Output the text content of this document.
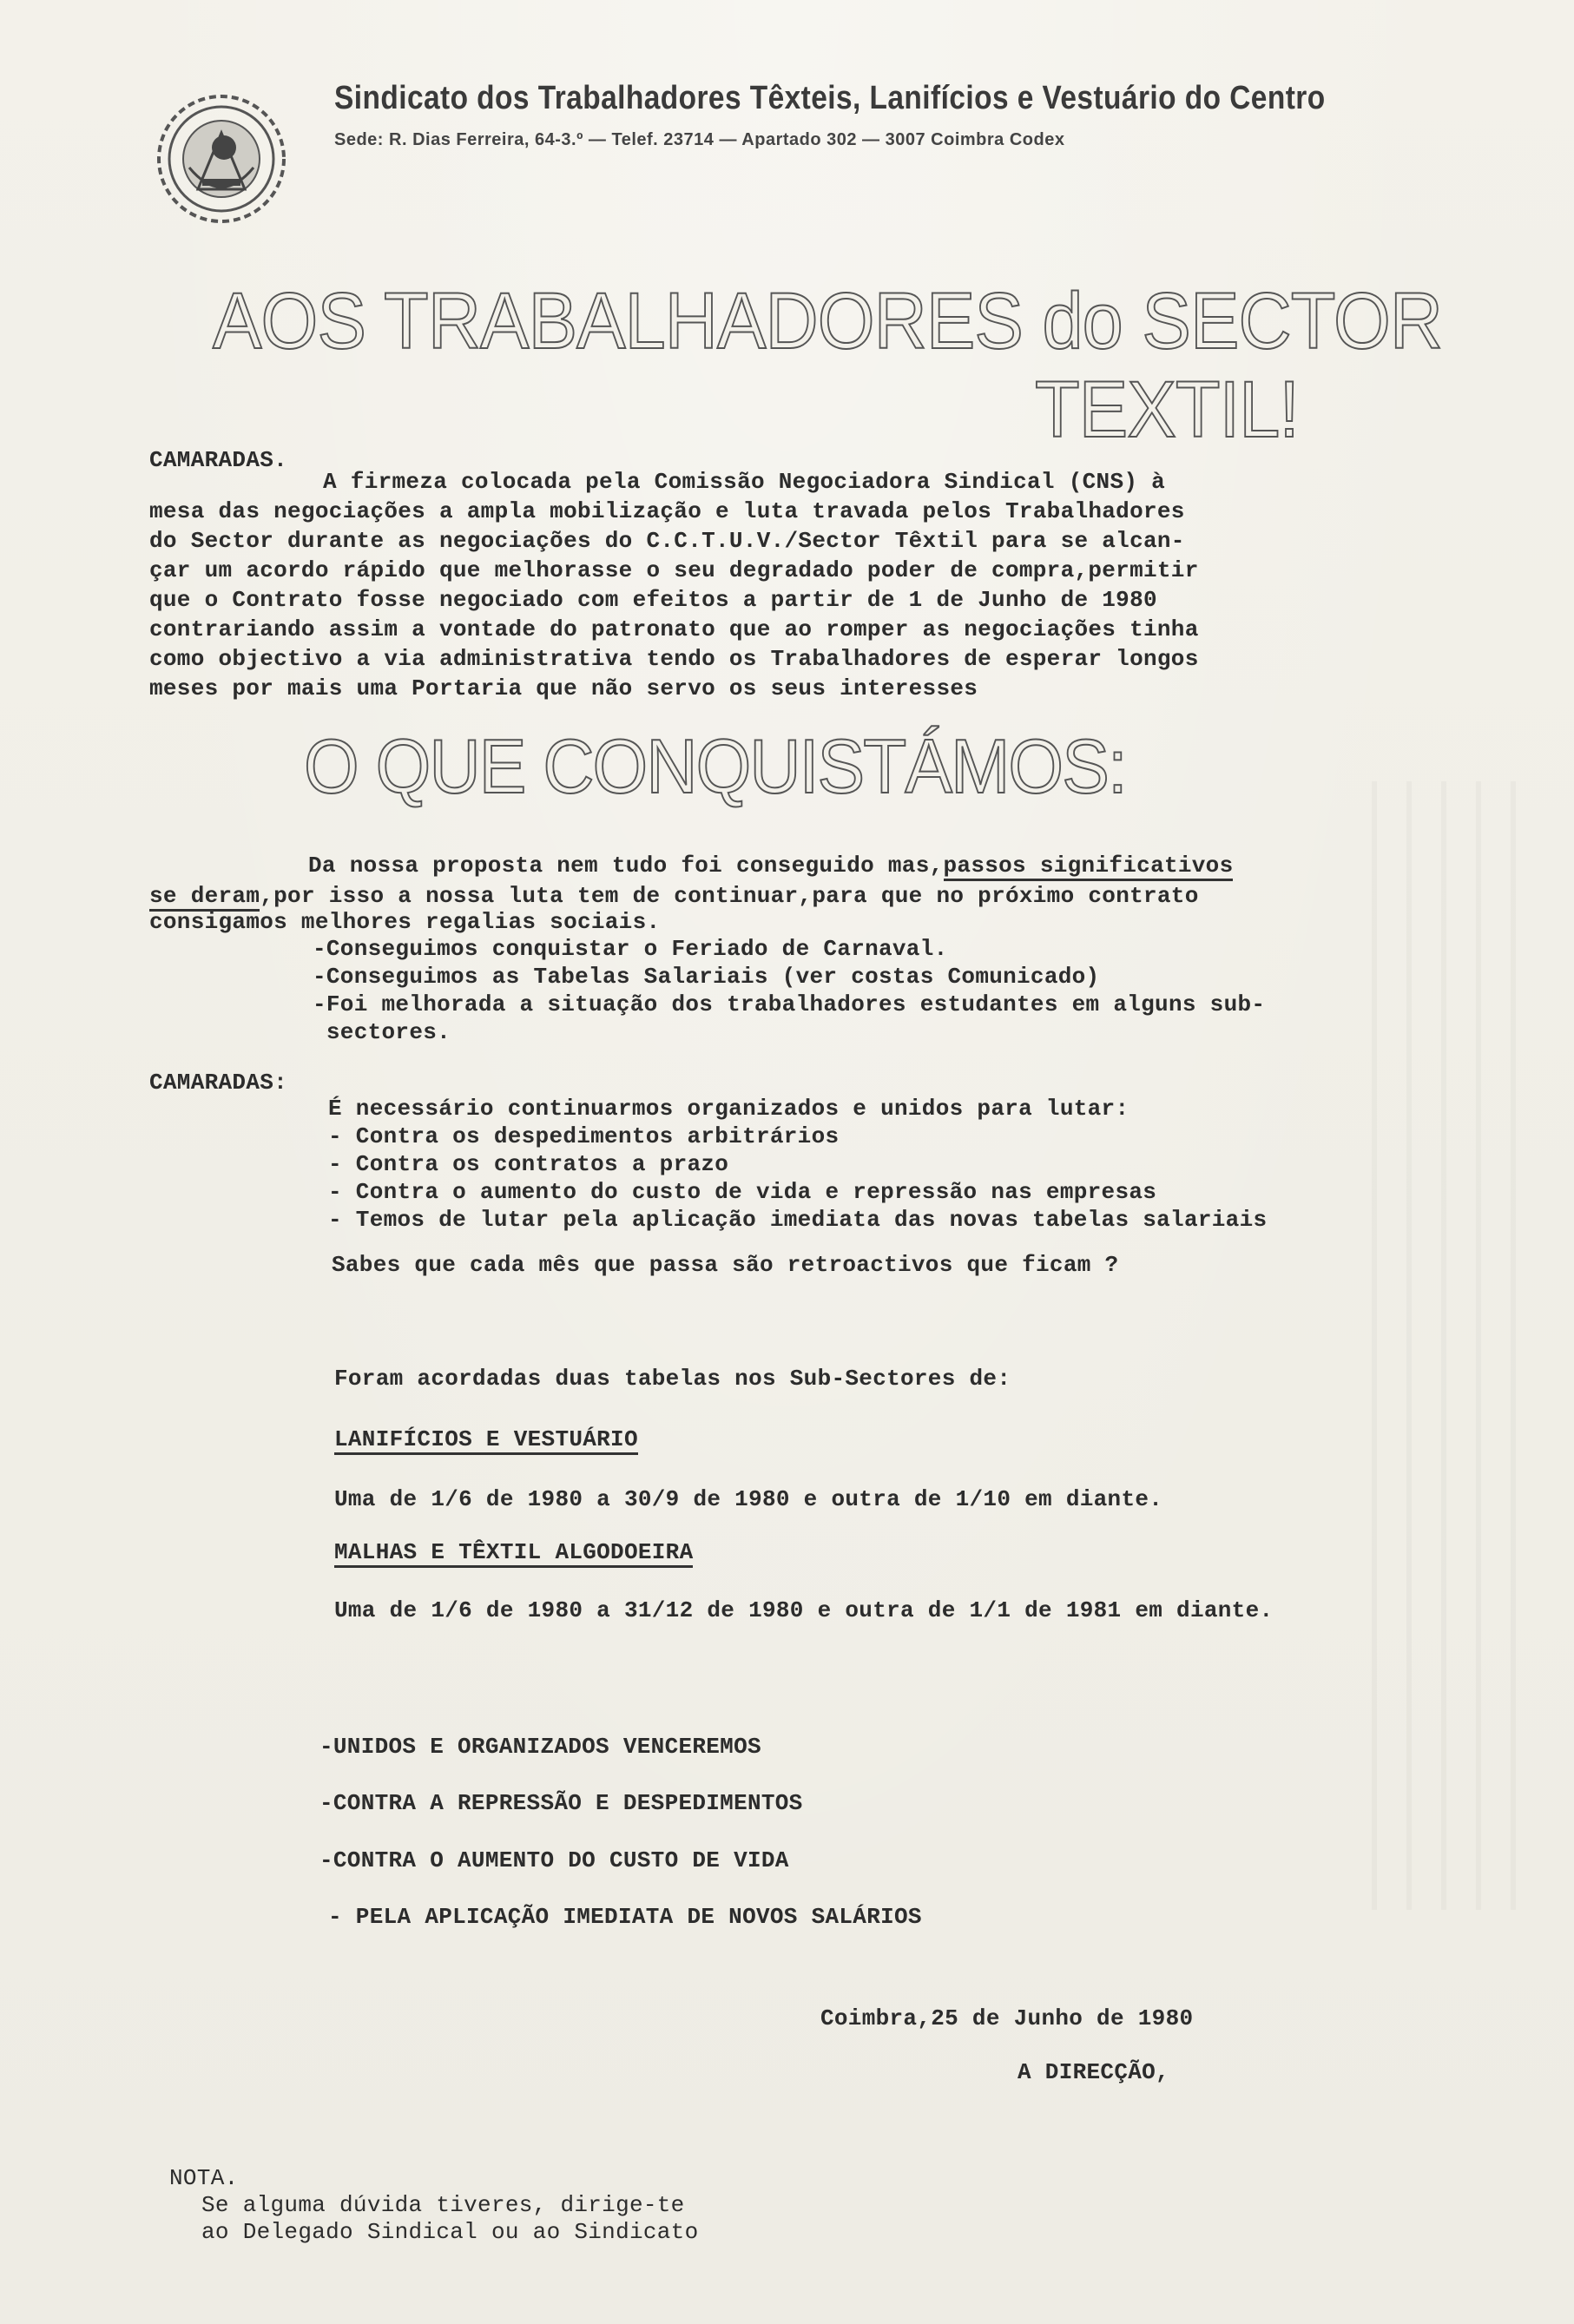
Sindicato dos Trabalhadores Têxteis, Lanifícios e Vestuário do Centro
Sede: R. Dias Ferreira, 64-3.º — Telef. 23714 — Apartado 302 — 3007 Coimbra Codex
AOS TRABALHADORES do SECTOR
TEXTIL!
CAMARADAS.
A firmeza colocada pela Comissão Negociadora Sindical (CNS) à
mesa das negociações a ampla mobilização e luta travada pelos Trabalhadores
do Sector durante as negociações do C.C.T.U.V./Sector Têxtil para se alcan-
çar um acordo rápido que melhorasse o seu degradado poder de compra,permitir
que o Contrato fosse negociado com efeitos a partir de 1 de Junho de 1980
contrariando assim a vontade do patronato que ao romper as negociações tinha
como objectivo a via administrativa tendo os Trabalhadores de esperar longos
meses por mais uma Portaria que não servo os seus interesses
O QUE CONQUISTÁMOS:
Da nossa proposta nem tudo foi conseguido mas,passos significativos
se deram,por isso a nossa luta tem de continuar,para que no próximo contrato
consigamos melhores regalias sociais.
-Conseguimos conquistar o Feriado de Carnaval.
-Conseguimos as Tabelas Salariais (ver costas Comunicado)
-Foi melhorada a situação dos trabalhadores estudantes em alguns sub-
sectores.
CAMARADAS:
É necessário continuarmos organizados e unidos para lutar:
- Contra os despedimentos arbitrários
- Contra os contratos a prazo
- Contra o aumento do custo de vida e repressão nas empresas
- Temos de lutar pela aplicação imediata das novas tabelas salariais
Sabes que cada mês que passa são retroactivos que ficam ?
Foram acordadas duas tabelas nos Sub-Sectores de:
LANIFÍCIOS E VESTUÁRIO
Uma de 1/6 de 1980 a 30/9 de 1980 e outra de 1/10 em diante.
MALHAS E TÊXTIL ALGODOEIRA
Uma de 1/6 de 1980 a 31/12 de 1980 e outra de 1/1 de 1981 em diante.
-UNIDOS E ORGANIZADOS VENCEREMOS
-CONTRA A REPRESSÃO E DESPEDIMENTOS
-CONTRA O AUMENTO DO CUSTO DE VIDA
- PELA APLICAÇÃO IMEDIATA DE NOVOS SALÁRIOS
Coimbra,25 de Junho de 1980
A DIRECÇÃO,
NOTA.
Se alguma dúvida tiveres, dirige-te
ao Delegado Sindical ou ao Sindicato
